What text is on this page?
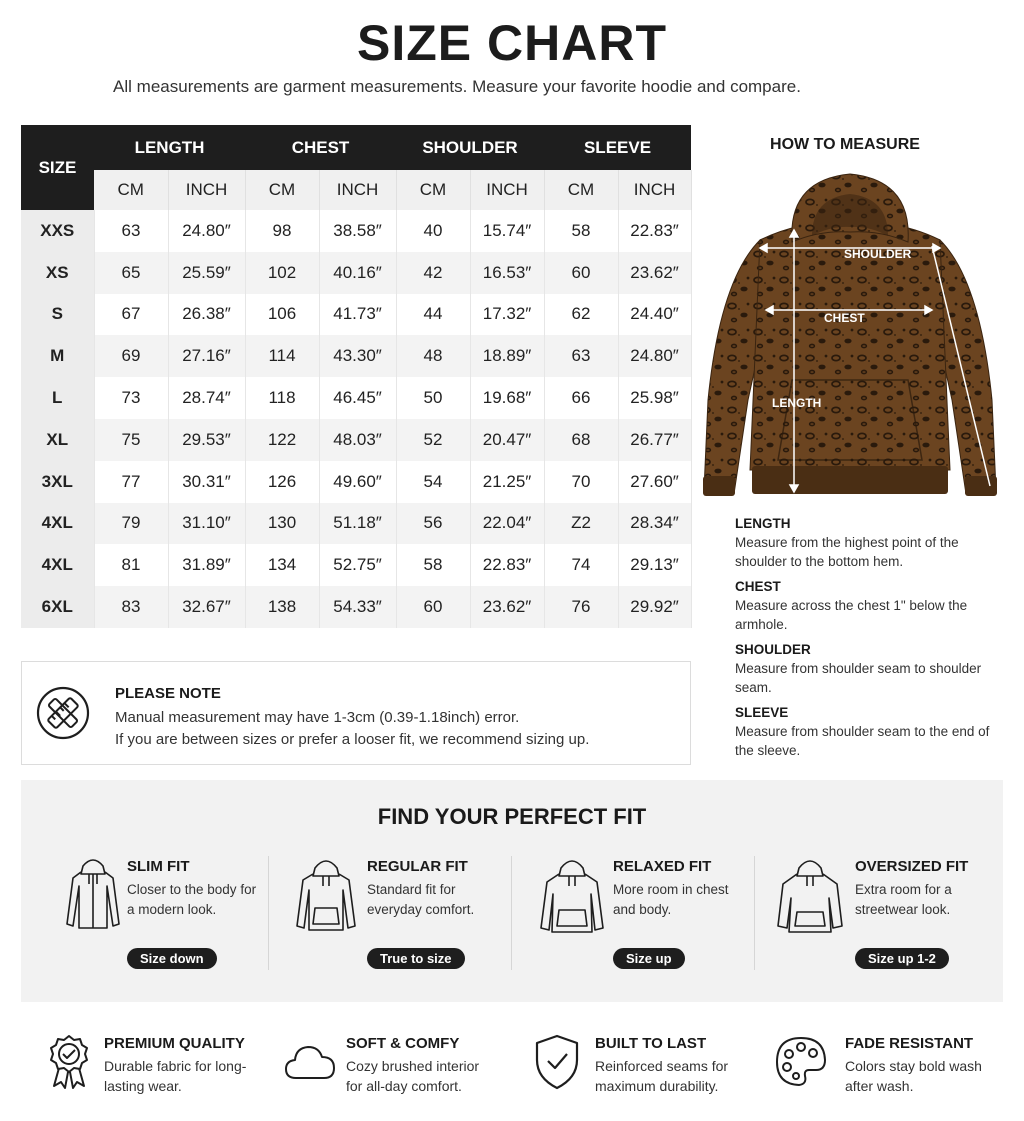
SIZE CHART
All measurements are garment measurements. Measure your favorite hoodie and compare.
SIZE	LENGTH		CHEST		SHOULDER		SLEEVE	
	CM	INCH	CM	INCH	CM	INCH	CM	INCH
XXS	63	24.80″	98	38.58″	40	15.74″	58	22.83″
XS	65	25.59″	102	40.16″	42	16.53″	60	23.62″
S	67	26.38″	106	41.73″	44	17.32″	62	24.40″
M	69	27.16″	114	43.30″	48	18.89″	63	24.80″
L	73	28.74″	118	46.45″	50	19.68″	66	25.98″
XL	75	29.53″	122	48.03″	52	20.47″	68	26.77″
3XL	77	30.31″	126	49.60″	54	21.25″	70	27.60″
4XL	79	31.10″	130	51.18″	56	22.04″	Z2	28.34″
4XL	81	31.89″	134	52.75″	58	22.83″	74	29.13″
6XL	83	32.67″	138	54.33″	60	23.62″	76	29.92″
HOW TO MEASURE
SHOULDER
CHEST
LENGTH
LENGTH
Measure from the highest point of the shoulder to the bottom hem.
CHEST
Measure across the chest 1" below the armhole.
SHOULDER
Measure from shoulder seam to shoulder seam.
SLEEVE
Measure from shoulder seam to the end of the sleeve.
PLEASE NOTE
Manual measurement may have 1-3cm (0.39-1.18inch) error.
If you are between sizes or prefer a looser fit, we recommend sizing up.
FIND YOUR PERFECT FIT
SLIM FIT
Closer to the body for a modern look.
Size down
REGULAR FIT
Standard fit for everyday comfort.
True to size
RELAXED FIT
More room in chest and body.
Size up
OVERSIZED FIT
Extra room for a streetwear look.
Size up 1-2
PREMIUM QUALITY
Durable fabric for long-lasting wear.
SOFT & COMFY
Cozy brushed interior for all-day comfort.
BUILT TO LAST
Reinforced seams for maximum durability.
FADE RESISTANT
Colors stay bold wash after wash.
